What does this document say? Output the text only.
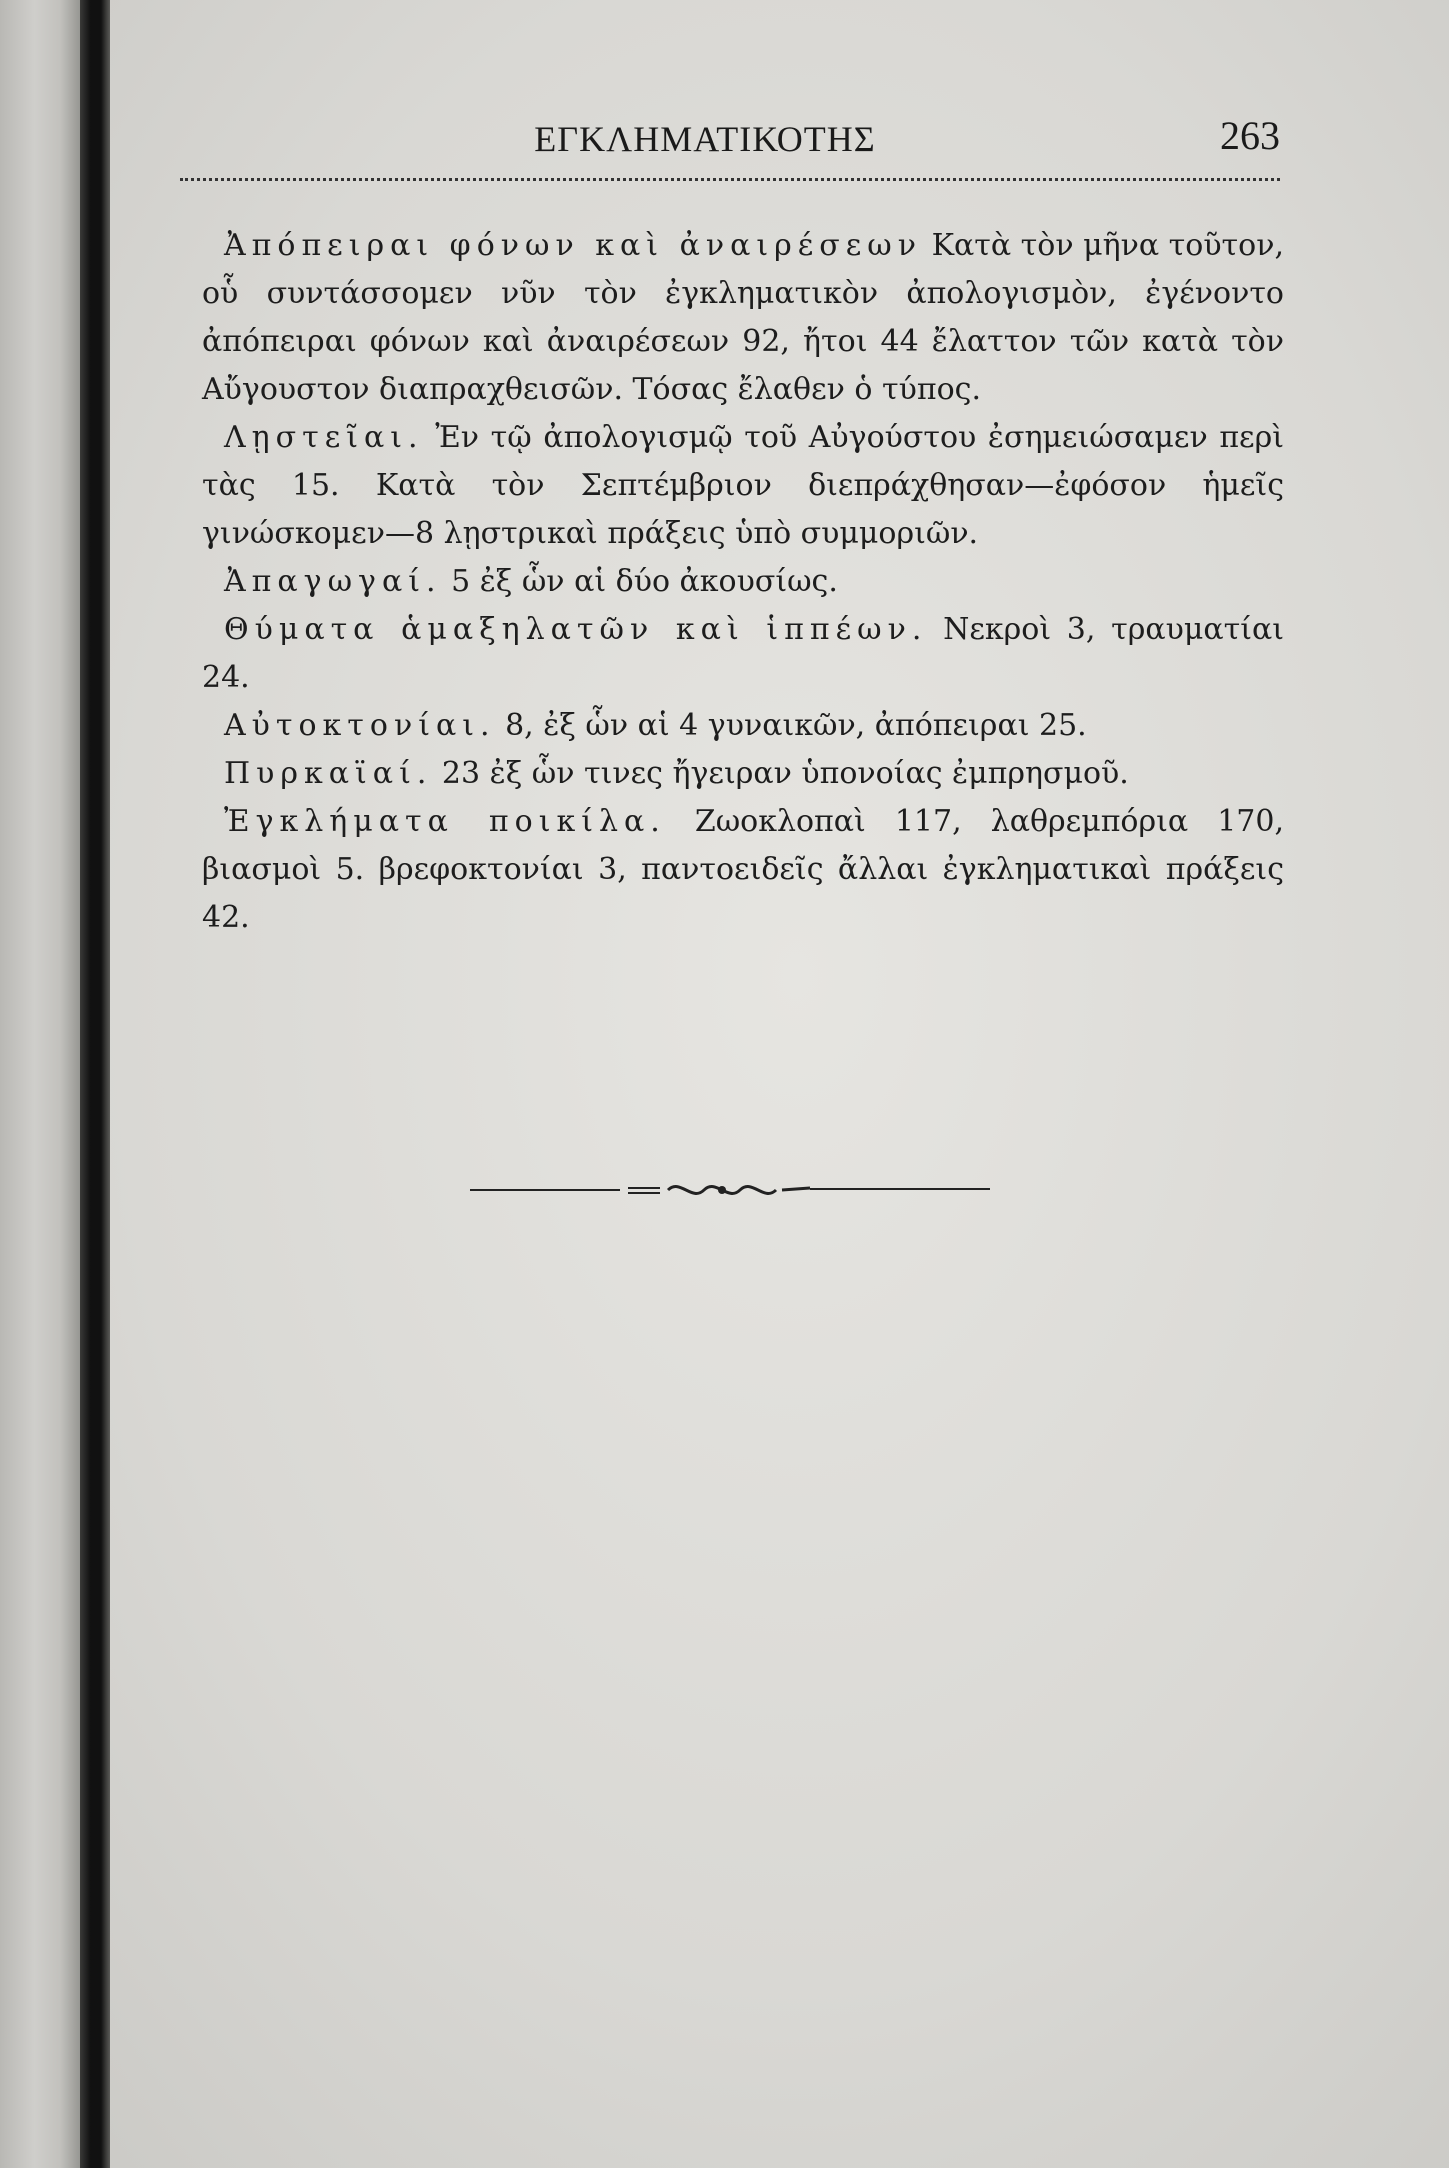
ΕΓΚΛΗΜΑΤΙΚΟΤΗΣ	263

Ἀπόπειραι φόνων καὶ ἀναιρέσεων Κατὰ τὸν μῆνα τοῦτον, οὗ συντάσσομεν νῦν τὸν ἐγκληματικὸν ἀπολογισμὸν, ἐγένοντο ἀπόπειραι φόνων καὶ ἀναιρέσεων 92, ἤτοι 44 ἔλαττον τῶν κατὰ τὸν Αὔγουστον διαπραχθεισῶν. Τόσας ἔλαθεν ὁ τύπος.

Λῃστεῖαι. Ἐν τῷ ἀπολογισμῷ τοῦ Αὐγούστου ἐσημειώσαμεν περὶ τὰς 15. Κατὰ τὸν Σεπτέμβριον διεπράχθησαν—ἐφόσον ἡμεῖς γινώσκομεν—8 λῃστρικαὶ πράξεις ὑπὸ συμμοριῶν.

Ἀπαγωγαί. 5 ἐξ ὧν αἱ δύο ἀκουσίως.

Θύματα ἁμαξηλατῶν καὶ ἱππέων. Νεκροὶ 3, τραυματίαι 24.

Αὐτοκτονίαι. 8, ἐξ ὧν αἱ 4 γυναικῶν, ἀπόπειραι 25.

Πυρκαϊαί. 23 ἐξ ὧν τινες ἤγειραν ὑπονοίας ἐμπρησμοῦ.

Ἐγκλήματα ποικίλα. Ζωοκλοπαὶ 117, λαθρεμπόρια 170, βιασμοὶ 5. βρεφοκτονίαι 3, παντοειδεῖς ἄλλαι ἐγκληματικαὶ πράξεις 42.
